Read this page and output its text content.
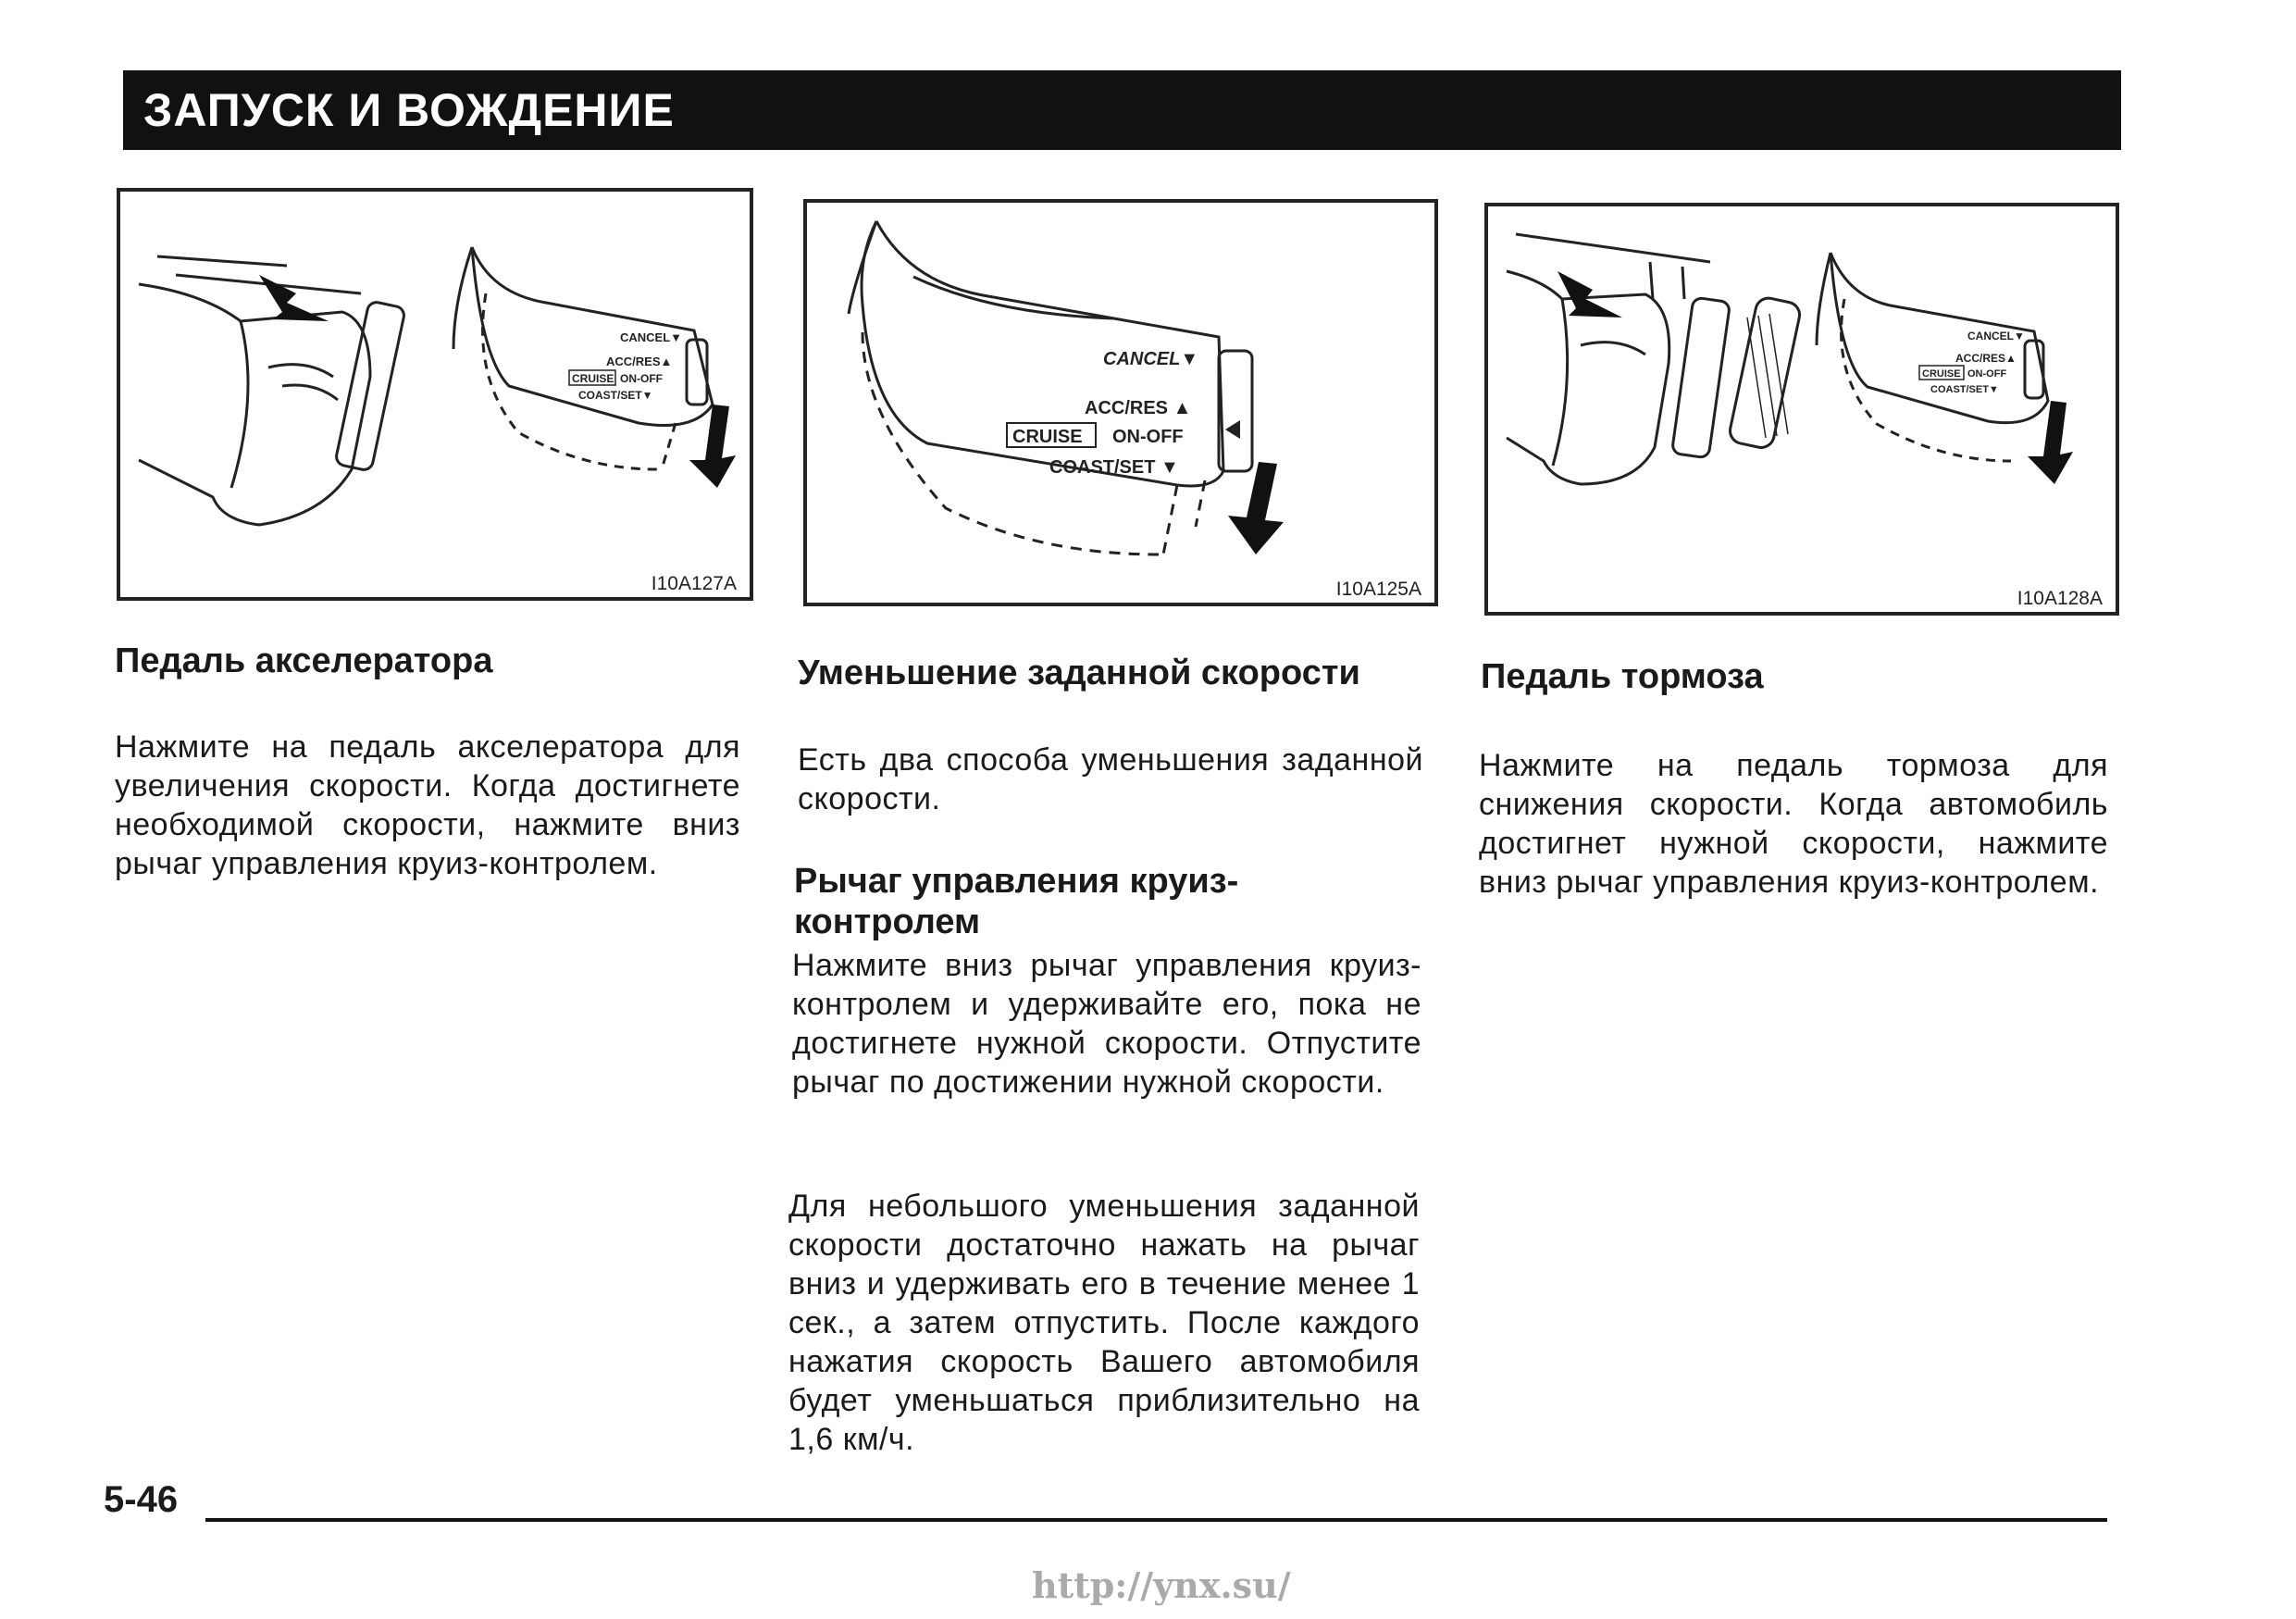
ЗАПУСК И ВОЖДЕНИЕ
CANCEL▼
ACC/RES▲
CRUISE ON-OFF
COAST/SET▼
I10A127A
CANCEL▼
ACC/RES ▲
CRUISE ON-OFF
COAST/SET ▼
I10A125A
CANCEL▼
ACC/RES▲
CRUISE ON-OFF
COAST/SET▼
I10A128A
Педаль акселератора
Нажмите на педаль акселератора для увеличения скорости. Когда достигнете необходимой скорости, нажмите вниз рычаг управления круиз-контролем.
Уменьшение заданной скорости
Есть два способа уменьшения заданной скорости.
Рычаг управления круиз-контролем
Нажмите вниз рычаг управления круиз-контролем и удерживайте его, пока не достигнете нужной скорости. Отпустите рычаг по достижении нужной скорости.
Для небольшого уменьшения заданной скорости достаточно нажать на рычаг вниз и удерживать его в течение менее 1 сек., а затем отпустить. После каждого нажатия скорость Вашего автомобиля будет уменьшаться приблизительно на 1,6 км/ч.
Педаль тормоза
Нажмите на педаль тормоза для снижения скорости. Когда автомобиль достигнет нужной скорости, нажмите вниз рычаг управления круиз-контролем.
5-46
http://ynx.su/
